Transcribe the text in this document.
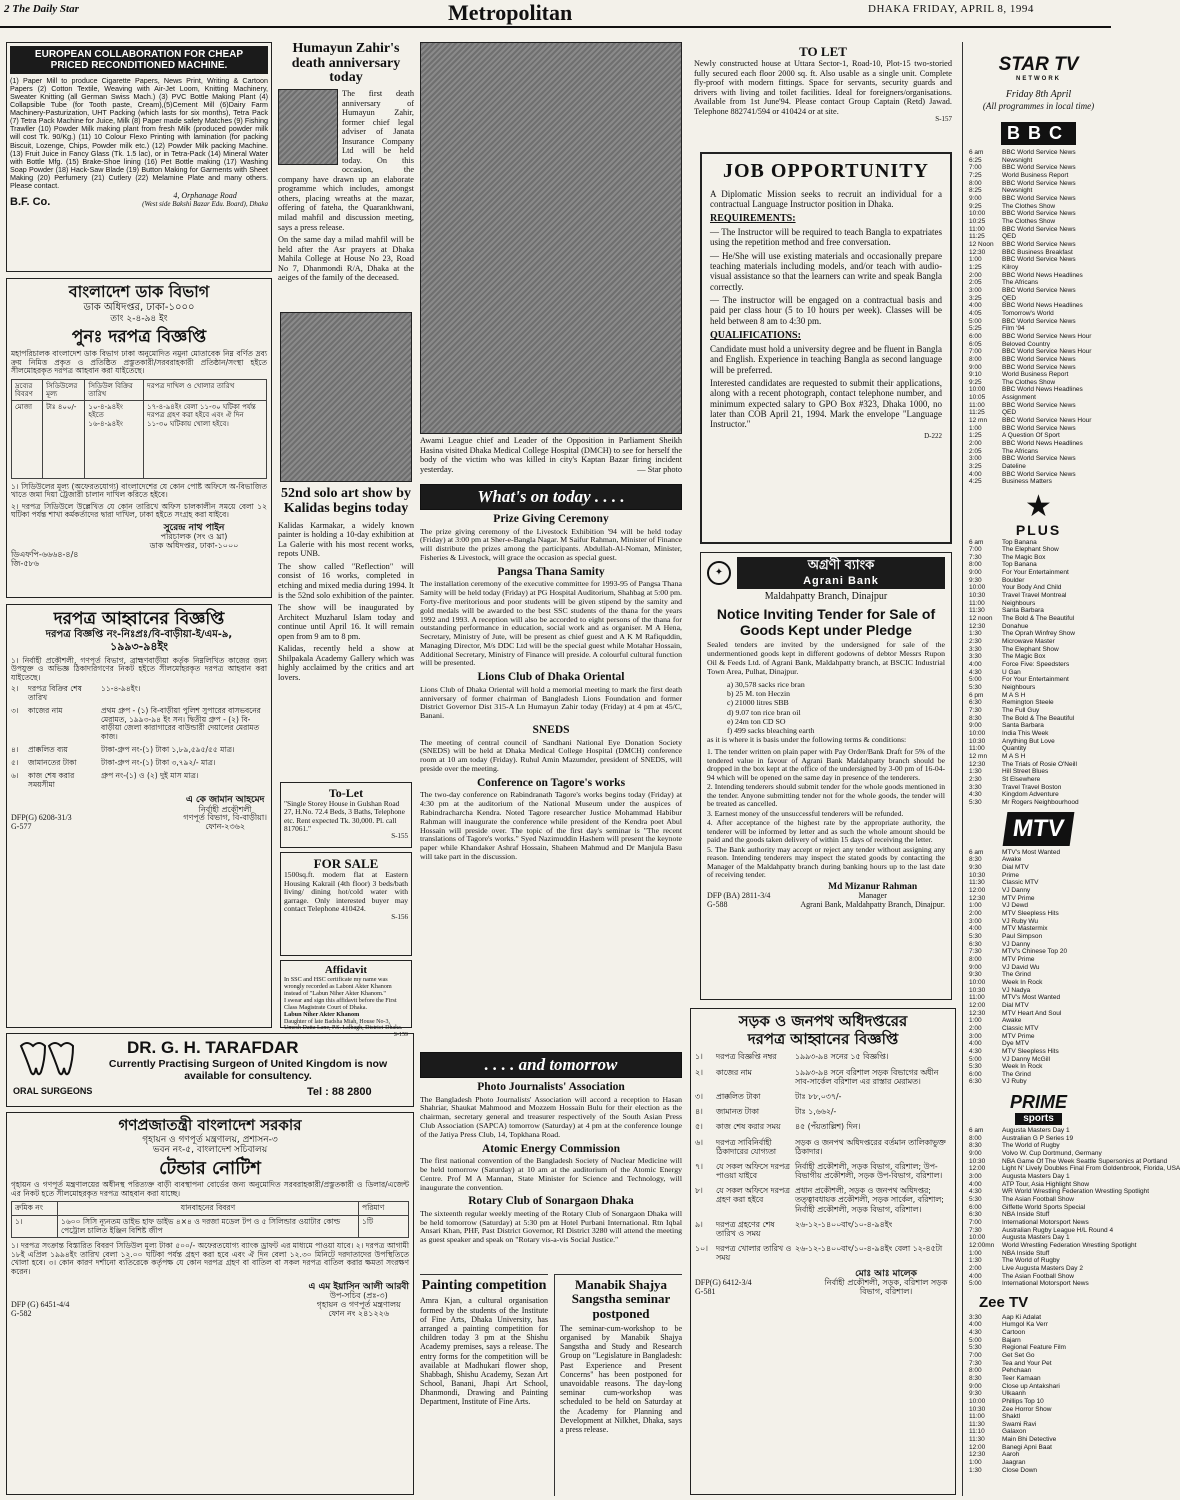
2 The Daily Star	Metropolitan	DHAKA FRIDAY, APRIL 8, 1994
EUROPEAN COLLABORATION FOR CHEAP PRICED RECONDITIONED MACHINE.
(1) Paper Mill to produce Cigarette Papers, News Print, Writing & Cartoon Papers (2) Cotton Textile, Weaving with Air-Jet Loom, Knitting Machinery, Sweater Knitting (all German Swiss Mach.) (3) PVC Bottle Making Plant (4) Collapsible Tube (for Tooth paste, Cream),(5)Cement Mill (6)Dairy Farm Machinery-Pasturization, UHT Packing (which lasts for six months), Tetra Pack (7) Tetra Pack Machine for Juice, Milk (8) Paper made safety Matches (9) Fishing Trawller (10) Powder Milk making plant from fresh Milk (produced powder milk will cost Tk. 90/Kg.) (11) 10 Colour Flexo Printing with lamination (for packing Biscuit, Lozenge, Chips, Powder milk etc.) (12) Powder Milk packing Machine. (13) Fruit Juice in Fancy Glass (Tk. 1.5 lac), or in Tetra-Pack (14) Mineral Water with Bottle Mfg. (15) Brake-Shoe lining (16) Pet Bottle making (17) Washing Soap Powder (18) Hack-Saw Blade (19) Button Making for Garments with Sheet Making (20) Perfumery (21) Cutlery (22) Melamine Plate and many others. Please contact.
B.F. Co.
4, Orphanage Road
(West side Bakshi Bazar Edu. Board), Dhaka
বাংলাদেশ ডাক বিভাগ
ডাক অধিদপ্তর, ঢাকা-১০০০
তাং ২-৪-৯৪ ইং
পুনঃ দরপত্র বিজ্ঞপ্তি
মহাপরিচালক বাংলাদেশ ডাক বিভাগ ঢাকা অনুমোদিত নমুনা মোতাবেক নিম্ন বর্ণিত দ্রব্য ক্রয় নিমিত্ত প্রকৃত ও প্রতিষ্ঠিত প্রস্তুতকারী/সরবরাহকারী প্রতিষ্ঠান/সংস্থা হইতে সীলমোহরকৃত দরপত্র আহবান করা যাইতেছে।
দ্রব্যের বিবরণ	সিডিউলের মূল্য	সিডিউল বিক্রির তারিখ	দরপত্র দাখিল ও খোলার তারিখ
মোজা	টাঃ ৪০০/-	১০-৪-৯৪ইং হইতে ১৬-৪-৯৪ইং	১৭-৪-৯৪ইং বেলা ১১-৩০ ঘটিকা পর্যন্ত দরপত্র গ্রহণ করা হইবে এবং ঐ দিন ১১-৩০ ঘটিকায় খোলা হইবে।
১। সিডিউলের মূল্য (অফেরতযোগ্য) বাংলাদেশের যে কোন পোষ্ট অফিসে অ-বিভাজিত খাতে জমা দিয়া ট্রেজারী চালান দাখিল করিতে হইবে।
২। দরপত্র সিডিউলে উল্লেখিত যে কোন তারিখে অফিস চালকালীন সময়ে বেলা ১২ ঘটিকা পর্যন্ত শাখা কর্মকর্তাদের দ্বারা দাখিল, ঢাকা হইতে সংগ্রহ করা যাইবে।
সুরেন্দ্র নাথ পাইন
পরিচালক (সং ও ঘ্রা)
ডাক অধিদপ্তর, ঢাকা-১০০০
ডিএফপি-৬৬৬৪-৪/৪
জি-৫৮৬
দরপত্র আহ্বানের বিজ্ঞপ্তি
দরপত্র বিজ্ঞপ্তি নং-নিঃপ্রঃ/বি-বাড়ীয়া-ই/এম-৯,
১৯৯৩-৯৪ইং
১। নির্বাহী প্রকৌশলী, গণপূর্ত বিভাগ, ব্রাহ্মণবাড়ীয়া কর্তৃক নিম্নলিখিত কাজের জন্য উপযুক্ত ও অভিজ্ঞ ঠিকাদারগণের নিকট হইতে সীলমোহরকৃত দরপত্র আহবান করা যাইতেছে।
২।	দরপত্র বিক্রির শেষ তারিখ
১১-৪-৯৪ইং।
৩।	কাজের নাম	প্রথম গ্রুপ - (১) বি-বাড়ীয়া পুলিশ সুপারের বাসভবনের মেরামত, ১৯৯৩-৯৪ ইং সন। দ্বিতীয় গ্রুপ - (২) বি-বাড়ীয়া জেলা কারাগারের বাউন্ডারী দেয়ালের মেরামত কাজ।
৪।	প্রাক্কলিত ব্যয়	টাকা-গ্রুপ নং-(১) টাকা ১,৮৯,৫৯৫/৫৫ মাত্র।
৫।	জামানতের টাকা	টাকা-গ্রুপ নং-(১) টাকা ৩,৭৯২/- মাত্র।
৬।	কাজ শেষ করার সময়সীমা
গ্রুপ নং-(১) ও (২) দুই মাস মাত্র।
DFP(G) 6208-31/3
G-577
এ কে জামান আহমেদ
নির্বাহী প্রকৌশলী
গণপূর্ত বিভাগ, বি-বাড়ীয়া।
ফোন-২৩৬২
ORAL SURGEONS
DR. G. H. TARAFDAR
Currently Practising Surgeon of United Kingdom is now available for consultency.
Tel : 88 2800
গণপ্রজাতন্ত্রী বাংলাদেশ সরকার
গৃহায়ন ও গণপূর্ত মন্ত্রণালয়, প্রশাসন-৩
ভবন নং-৫, বাংলাদেশ সচিবালয়
টেন্ডার নোটিশ
গৃহায়ন ও গণপূর্ত মন্ত্রণালয়ের অধীনস্থ পরিত্যক্ত বাড়ী ব্যবস্থাপনা বোর্ডের জন্য অনুমোদিত সরবরাহকারী/প্রস্তুতকারী ও ডিলার/এজেন্ট এর নিকট হতে সীলমোহরকৃত দরপত্র আহবান করা যাচ্ছে।
ক্রমিক নং	যানবাহনের বিবরণ	পরিমাণ
১।	১৬০০ সিসি ন্যূনতম ডাইভ হাফ ডাইভ ৪×৪ ও দরজা মডেল টপ ও ৫ সিলিন্ডার ওয়াটার কোল্ড পেট্রোল চালিত ইঞ্জিন বিশিষ্ট জীপ	১টি
১। দরপত্র সংক্রান্ত বিস্তারিত বিবরণ সিডিউল মূল্য টাকা ৫০০/- অফেরতযোগ্য ব্যাংক ড্রাফট এর মাধ্যমে পাওয়া যাবে। ২। দরপত্র আগামী ১৮ই এপ্রিল ১৯৯৪ইং তারিখ বেলা ১২.০০ ঘটিকা পর্যন্ত গ্রহণ করা হবে এবং ঐ দিন বেলা ১২.৩০ মিনিটে দরদাতাদের উপস্থিতিতে খোলা হবে। ৩। কোন কারণ দর্শানো ব্যতিরেকে কর্তৃপক্ষ যে কোন দরপত্র গ্রহণ বা বাতিল বা সকল দরপত্র বাতিল করার ক্ষমতা সংরক্ষণ করেন।
DFP (G) 6451-4/4
G-582
এ এম ইয়াসিন আলী আরবী
উপ-সচিব (প্রঃ-৩)
গৃহায়ন ও গণপূর্ত মন্ত্রণালয়
ফোন নং ২৪১২২৬
Humayun Zahir's death anniversary today
The first death anniversary of Humayun Zahir, former chief legal adviser of Janata Insurance Company Ltd will be held today. On this occasion, the company have drawn up an elaborate programme which includes, amongst others, placing wreaths at the mazar, offering of fateha, the Quarankhwani, milad mahfil and discussion meeting, says a press release.
On the same day a milad mahfil will be held after the Asr prayers at Dhaka Mahila College at House No 23, Road No 7, Dhanmondi R/A, Dhaka at the aeiges of the family of the deceased.
52nd solo art show by Kalidas begins today
Kalidas Karmakar, a widely known painter is holding a 10-day exhibition at La Galerie with his most recent works, repots UNB.
The show called "Reflection" will consist of 16 works, completed in etching and mixed media during 1994. It is the 52nd solo exhibition of the painter.
The show will be inaugurated by Architect Muzharul Islam today and continue until April 16. It will remain open from 9 am to 8 pm.
Kalidas, recently held a show at Shilpakala Academy Gallery which was highly acclaimed by the critics and art lovers.
To-Let
"Single Storey House in Gulshan Road 27, H.No. 72.4 Beds, 3 Baths, Telephone etc. Rent expected Tk. 30,000. Pl. call 817061."
S-155
FOR SALE
1500sq.ft. modern flat at Eastern Housing Kakrail (4th floor) 3 beds/bath living/ dining hot/cold water with garrage. Only interested buyer may contact Telephone 410424.
S-156
Affidavit
In SSC and HSC certificate my name was wrongly recorded as Laboni Akter Khanom instead of "Labun Niher Akter Khanom."
I swear and sign this affidavit before the First Class Magistrate Court of Dhaka.
Labun Niher Akter Khanom
Daughter of late Badsha Miah, House No-3, Umesh Datta Lane, P.S. Lalbagh, District-Dhaka.
S-159
Awami League chief and Leader of the Opposition in Parliament Sheikh Hasina visited Dhaka Medical College Hospital (DMCH) to see for herself the body of the victim who was killed in city's Kaptan Bazar firing incident yesterday.	— Star photo
What's on today . . . .
Prize Giving Ceremony
The prize giving ceremony of the Livestock Exhibition '94 will be held today (Friday) at 3:00 pm at Sher-e-Bangla Nagar. M Saifur Rahman, Minister of Finance will distribute the prizes among the participants. Abdullah-Al-Noman, Minister, Fisheries & Livestock, will grace the occasion as special guest.
Pangsa Thana Samity
The installation ceremony of the executive committee for 1993-95 of Pangsa Thana Samity will be held today (Friday) at PG Hospital Auditorium, Shahbag at 5:00 pm. Forty-five meritorious and poor students will be given stipend by the samity and gold medals will be awarded to the best SSC students of the thana for the years 1992 and 1993. A reception will also be accorded to eight persons of the thana for outstanding performance in education, social work and as organiser. M A Hena, Secretary, Ministry of Jute, will be present as chief guest and A K M Rafiquddin, Managing Director, M/s DDC Ltd will be the special guest while Motahar Hossain, Additional Secretary, Ministry of Finance will preside. A colourful cultural function will be presented.
Lions Club of Dhaka Oriental
Lions Club of Dhaka Oriental will hold a memorial meeting to mark the first death anniversary of former chairman of Bangladesh Lions Foundation and former District Governor Dist 315-A Ln Humayun Zahir today (Friday) at 4 pm at 45/C, Banani.
SNEDS
The meeting of central council of Sandhani National Eye Donation Society (SNEDS) will be held at Dhaka Medical College Hospital (DMCH) conference room at 10 am today (Friday). Ruhul Amin Mazumder, president of SNEDS, will preside over the meeting.
Conference on Tagore's works
The two-day conference on Rabindranath Tagore's works begins today (Friday) at 4:30 pm at the auditorium of the National Museum under the auspices of Rabindracharcha Kendra. Noted Tagore researcher Justice Mohammad Habibur Rahman will inaugurate the conference while president of the Kendra poet Abul Hossain will preside over. The topic of the first day's seminar is "The recent translations of Tagore's works." Syed Nazimuddin Hashem will present the keynote paper while Khandaker Ashraf Hossain, Shaheen Mahmud and Dr Manjula Basu will take part in the discussion.
. . . . and tomorrow
Photo Journalists' Association
The Bangladesh Photo Journalists' Association will accord a reception to Hasan Shahriar, Shaukat Mahmood and Mozzem Hossain Bulu for their election as the chairman, secretary general and treasurer respectively of the South Asian Press Club Association (SAPCA) tomorrow (Saturday) at 4 pm at the conference lounge of the Jatiya Press Club, 14, Topkhana Road.
Atomic Energy Commission
The first national convention of the Bangladesh Society of Nuclear Medicine will be held tomorrow (Saturday) at 10 am at the auditorium of the Atomic Energy Centre. Prof M A Mannan, State Minister for Science and Technology, will inaugurate the convention.
Rotary Club of Sonargaon Dhaka
The sixteenth regular weekly meeting of the Rotary Club of Sonargaon Dhaka will be held tomorrow (Saturday) at 5:30 pm at Hotel Purbani International. Rtn Iqbal Ansari Khan, PHF, Past District Governor, RI District 3280 will attend the meeting as guest speaker and speak on "Rotary vis-a-vis Social Justice."
Painting competition
Amra Kjan, a cultural organisation formed by the students of the Institute of Fine Arts, Dhaka University, has arranged a painting competition for children today 3 pm at the Shishu Academy premises, says a release. The entry forms for the competition will be available at Madhukari flower shop, Shabbagh, Shishu Academy, Sezan Art School, Banani, Jhapi Art School, Dhanmondi, Drawing and Painting Department, Institute of Fine Arts.
Manabik Shajya Sangstha seminar postponed
The seminar-cum-workshop to be organised by Manabik Shajya Sangstha and Study and Research Group on "Legislature in Bangladesh: Past Experience and Present Concerns" has been postponed for unavoidable reasons. The day-long seminar cum-workshop was scheduled to be held on Saturday at the Academy for Planning and Development at Nilkhet, Dhaka, says a press release.
TO LET
Newly constructed house at Uttara Sector-1, Road-10, Plot-15 two-storied fully secured each floor 2000 sq. ft. Also usable as a single unit. Complete fly-proof with modern fittings. Space for servants, security guards and drivers with living and toilet facilities. Ideal for foreigners/organisations. Available from 1st June'94. Please contact Group Captain (Retd) Jawad. Telephone 882741/594 or 410424 or at site.
S-157
JOB OPPORTUNITY
A Diplomatic Mission seeks to recruit an individual for a contractual Language Instructor position in Dhaka.
REQUIREMENTS:
— The Instructor will be required to teach Bangla to expatriates using the repetition method and free conversation.
— He/She will use existing materials and occasionally prepare teaching materials including models, and/or teach with audio-visual assistance so that the learners can write and speak Bangla correctly.
— The instructor will be engaged on a contractual basis and paid per class hour (5 to 10 hours per week). Classes will be held between 8 am to 4:30 pm.
QUALIFICATIONS:
Candidate must hold a university degree and be fluent in Bangla and English. Experience in teaching Bangla as second language will be preferred.
Interested candidates are requested to submit their applications, along with a recent photograph, contact telephone number, and minimum expected salary to GPO Box #323, Dhaka 1000, no later than COB April 21, 1994. Mark the envelope "Language Instructor."
D-222
✦	অগ্রণী ব্যাংক
Agrani Bank
Maldahpatty Branch, Dinajpur
Notice Inviting Tender for Sale of Goods Kept under Pledge
Sealed tenders are invited by the undersigned for sale of the undermentioned goods kept in different godowns of debtor Messrs Rupon Oil & Feeds Ltd. of Agrani Bank, Maldahpatty branch, at BSCIC Industrial Town Area, Pulhat, Dinajpur.
a) 30,578 sacks rice bran
b) 25 M. ton Heczin
c) 21000 litres SBB
d) 9.07 ton rice bran oil
e) 24m ton CD SO
f) 499 sacks bleaching earth
as it is where it is basis under the following terms & conditions:
1. The tender written on plain paper with Pay Order/Bank Draft for 5% of the tendered value in favour of Agrani Bank Maldahpatty branch should be dropped in the box kept at the office of the undersigned by 3-00 pm of 16-04-94 which will be opened on the same day in presence of the tenderers.
2. Intending tenderers should submit tender for the whole goods mentioned in the tender. Anyone submitting tender not for the whole goods, the tender will be treated as cancelled.
3. Earnest money of the unsuccessful tenderers will be refunded.
4. After acceptance of the highest rate by the appropriate authority, the tenderer will be informed by letter and as such the whole amount should be paid and the goods taken delivery of within 15 days of receiving the letter.
5. The Bank authority may accept or reject any tender without assigning any reason. Intending tenderers may inspect the stated goods by contacting the Manager of the Maldahpatty branch during banking hours up to the last date of receiving tender.
DFP (BA) 2811-3/4
G-588
Md Mizanur Rahman
Manager
Agrani Bank, Maldahpatty Branch, Dinajpur.
সড়ক ও জনপথ অধিদপ্তরের
দরপত্র আহ্বানের বিজ্ঞপ্তি
১।	দরপত্র বিজ্ঞপ্তি নম্বর	১৯৯৩-৯৪ সনের ১৫ বিজ্ঞপ্তি।
২।	কাজের নাম	১৯৯৩-৯৪ সনে বরিশাল সড়ক বিভাগের অধীন সাব-সার্কেল বরিশাল এর রাস্তার মেরামত।
৩।	প্রাক্কলিত টাকা	টাঃ ৮৮,০৩৭/-
৪।	জামানত টাকা	টাঃ ১,৬৬২/-
৫।	কাজ শেষ করার সময়	৪৫ (পঁয়তাল্লিশ) দিন।
৬।	দরপত্র সাবিনির্বাহী ঠিকাদারের যোগ্যতা
সড়ক ও জনপথ অধিদপ্তরের বর্তমান তালিকাভুক্ত ঠিকাদার।
৭।	যে সকল অফিসে দরপত্র পাওয়া যাইবে
নির্বাহী প্রকৌশলী, সড়ক বিভাগ, বরিশাল; উপ-বিভাগীয় প্রকৌশলী, সড়ক উপ-বিভাগ, বরিশাল।
৮।	যে সকল অফিসে দরপত্র গ্রহণ করা হইবে
প্রধান প্রকৌশলী, সড়ক ও জনপথ অধিদপ্তর; তত্ত্বাবধায়ক প্রকৌশলী, সড়ক সার্কেল, বরিশাল; নির্বাহী প্রকৌশলী, সড়ক বিভাগ, বরিশাল।
৯।	দরপত্র গ্রহণের শেষ তারিখ ও সময়
২৬-১২-১৪০০বাং/১০-৪-৯৪ইং
১০।	দরপত্র খোলার তারিখ ও সময়
২৬-১২-১৪০০বাং/১০-৪-৯৪ইং বেলা ১২-৪৫টা
DFP(G) 6412-3/4
G-581
মোঃ আঃ মালেক
নির্বাহী প্রকৌশলী, সড়ক, বরিশাল সড়ক বিভাগ, বরিশাল।
STAR TV
NETWORK
Friday 8th April
(All programmes in local time)
BBC
6 am	BBC World Service News
6:25	Newsnight
7:00	BBC World Service News
7:25	World Business Report
8:00	BBC World Service News
8:25	Newsnight
9:00	BBC World Service News
9:25	The Clothes Show
10:00	BBC World Service News
10:25	The Clothes Show
11:00	BBC World Service News
11:25	QED
12 Noon	BBC World Service News
12:30	BBC Business Breakfast
1:00	BBC World Service News
1:25	Kilroy
2:00	BBC World News Headlines
2:05	The Africans
3:00	BBC World Service News
3:25	QED
4:00	BBC World News Headlines
4:05	Tomorrow's World
5:00	BBC World Service News
5:25	Film '94
6:00	BBC World Service News Hour
6:05	Beloved Country
7:00	BBC World Service News Hour
8:00	BBC World Service News
9:00	BBC World Service News
9:10	World Business Report
9:25	The Clothes Show
10:00	BBC World News Headlines
10:05	Assignment
11:00	BBC World Service News
11:25	QED
12 mn	BBC World Service News Hour
1:00	BBC World Service News
1:25	A Question Of Sport
2:00	BBC World News Headlines
2:05	The Africans
3:00	BBC World Service News
3:25	Dateline
4:00	BBC World Service News
4:25	Business Matters
★
PLUS
6 am	Top Banana
7:00	The Elephant Show
7:30	The Magic Box
8:00	Top Banana
9:00	For Your Entertainment
9:30	Boulder
10:00	Your Body And Child
10:30	Travel Travel Montreal
11:00	Neighbours
11:30	Santa Barbara
12 noon	The Bold & The Beautiful
12:30	Donahue
1:30	The Oprah Winfrey Show
2:30	Microwave Master
3:30	The Elephant Show
3:30	The Magic Box
4:00	Force Five: Speedsters
4:30	U Gan
5:00	For Your Entertainment
5:30	Neighbours
6 pm	M A S H
6:30	Remington Steele
7:30	The Full Guy
8:30	The Bold & The Beautiful
9:00	Santa Barbara
10:00	India This Week
10:30	Anything But Love
11:00	Quantity
12 mn	M A S H
12:30	The Trials of Rosie O'Neill
1:30	Hill Street Blues
2:30	St Elsewhere
3:30	Travel Travel Boston
4:30	Kingdom Adventure
5:30	Mr Rogers Neighbourhood
MTV
6 am	MTV's Most Wanted
8:30	Awake
9:30	Dial MTV
10:30	Prime
11:30	Classic MTV
12:00	VJ Danny
12:30	MTV Prime
1:00	VJ Dewd
2:00	MTV Sleepless Hits
3:00	VJ Ruby Wu
4:00	MTV Mastermix
5:30	Paul Simpson
6:30	VJ Danny
7:30	MTV's Chinese Top 20
8:00	MTV Prime
9:00	VJ David Wu
9:30	The Grind
10:00	Week In Rock
10:30	VJ Nadya
11:00	MTV's Most Wanted
12:00	Dial MTV
12:30	MTV Heart And Soul
1:00	Awake
2:00	Classic MTV
3:00	MTV Prime
4:00	Dye MTV
4:30	MTV Sleepless Hits
5:00	VJ Danny McGill
5:30	Week In Rock
6:00	The Grind
6:30	VJ Ruby
PRIME
sports
6 am	Augusta Masters Day 1
8:00	Australian G P Series 19
8:30	The World of Rugby
9:00	Volvo W. Cup Dortmund, Germany
10:30	NBA Game Of The Week Seattle Supersonics at Portland
12:00	Light N' Lively Doubles Final From Goldenbrook, Florida, USA
3:00	Augusta Masters Day 1
4:00	ATP Tour, Asia Highlight Show
4:30	WR World Wrestling Federation Wrestling Spotlight
5:30	The Asian Football Show
6:00	Giffette World Sports Special
6:30	NBA Inside Stuff
7:00	International Motorsport News
7:30	Australian Rugby League H/L Round 4
10:00	Augusta Masters Day 1
12:00mn	World Wrestling Federation Wrestling Spotlight
1:00	NBA Inside Stuff
1:30	The World of Rugby
2:00	Live Augusta Masters Day 2
4:00	The Asian Football Show
5:00	International Motorsport News
Zee TV
3:30	Aap Ki Adalat
4:00	Humgol Ka Verr
4:30	Cartoon
5:00	Bajarn
5:30	Regional Feature Film
7:00	Get Set Go
7:30	Tea and Your Pet
8:00	Pehchaan
8:30	Teer Kamaan
9:00	Close up Antakshari
9:30	Ulkaanh
10:00	Phillips Top 10
10:30	Zee Horror Show
11:00	Shaktl
11:30	Swami Ravi
11:10	Galaxon
11:30	Main Bhi Detective
12:00	Banegi Apni Baat
12:30	Aaroh
1:00	Jaagran
1:30	Close Down
